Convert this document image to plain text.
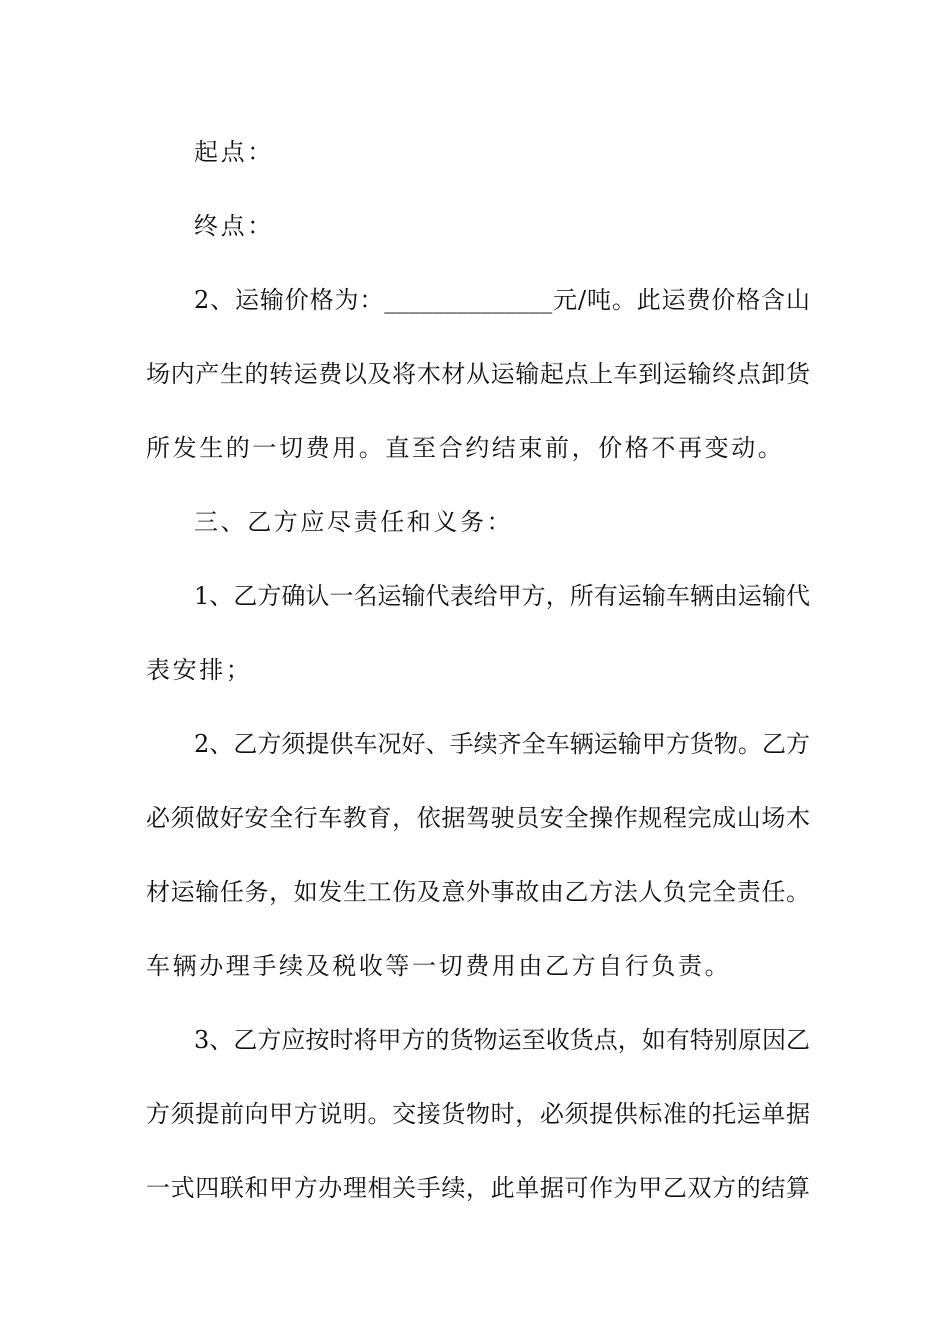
起点：
终点：
2、运输价格为：______________元/吨。此运费价格含山
场内产生的转运费以及将木材从运输起点上车到运输终点卸货
所发生的一切费用。直至合约结束前，价格不再变动。
三、乙方应尽责任和义务：
1、乙方确认一名运输代表给甲方，所有运输车辆由运输代
表安排；
2、乙方须提供车况好、手续齐全车辆运输甲方货物。乙方
必须做好安全行车教育，依据驾驶员安全操作规程完成山场木
材运输任务，如发生工伤及意外事故由乙方法人负完全责任。
车辆办理手续及税收等一切费用由乙方自行负责。
3、乙方应按时将甲方的货物运至收货点，如有特别原因乙
方须提前向甲方说明。交接货物时，必须提供标准的托运单据
一式四联和甲方办理相关手续，此单据可作为甲乙双方的结算
